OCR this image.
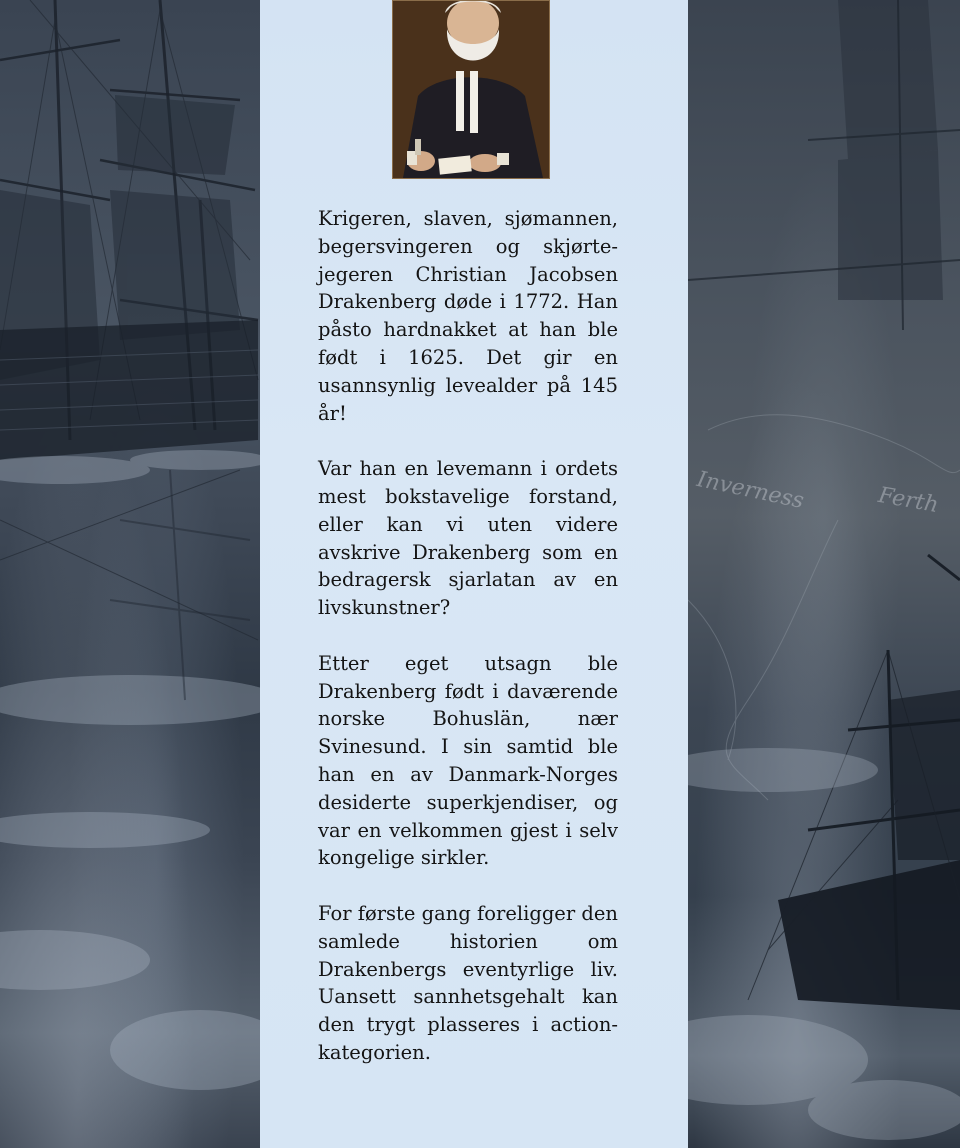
Inverness	Ferth

Krigeren, slaven, sjømannen, begersvingeren og skjørtejegeren Christian Jacobsen Drakenberg døde i 1772. Han påsto hardnakket at han ble født i 1625. Det gir en usannsynlig levealder på 145 år!

Var han en levemann i ordets mest bokstavelige forstand, eller kan vi uten videre avskrive Drakenberg som en bedragersk sjarlatan av en livskunstner?

Etter eget utsagn ble Drakenberg født i daværende norske Bohuslän, nær Svinesund. I sin samtid ble han en av Danmark-Norges desiderte superkjendiser, og var en velkommen gjest i selv kongelige sirkler.

For første gang foreligger den samlede historien om Drakenbergs eventyrlige liv. Uansett sannhetsgehalt kan den trygt plasseres i action-kategorien.
